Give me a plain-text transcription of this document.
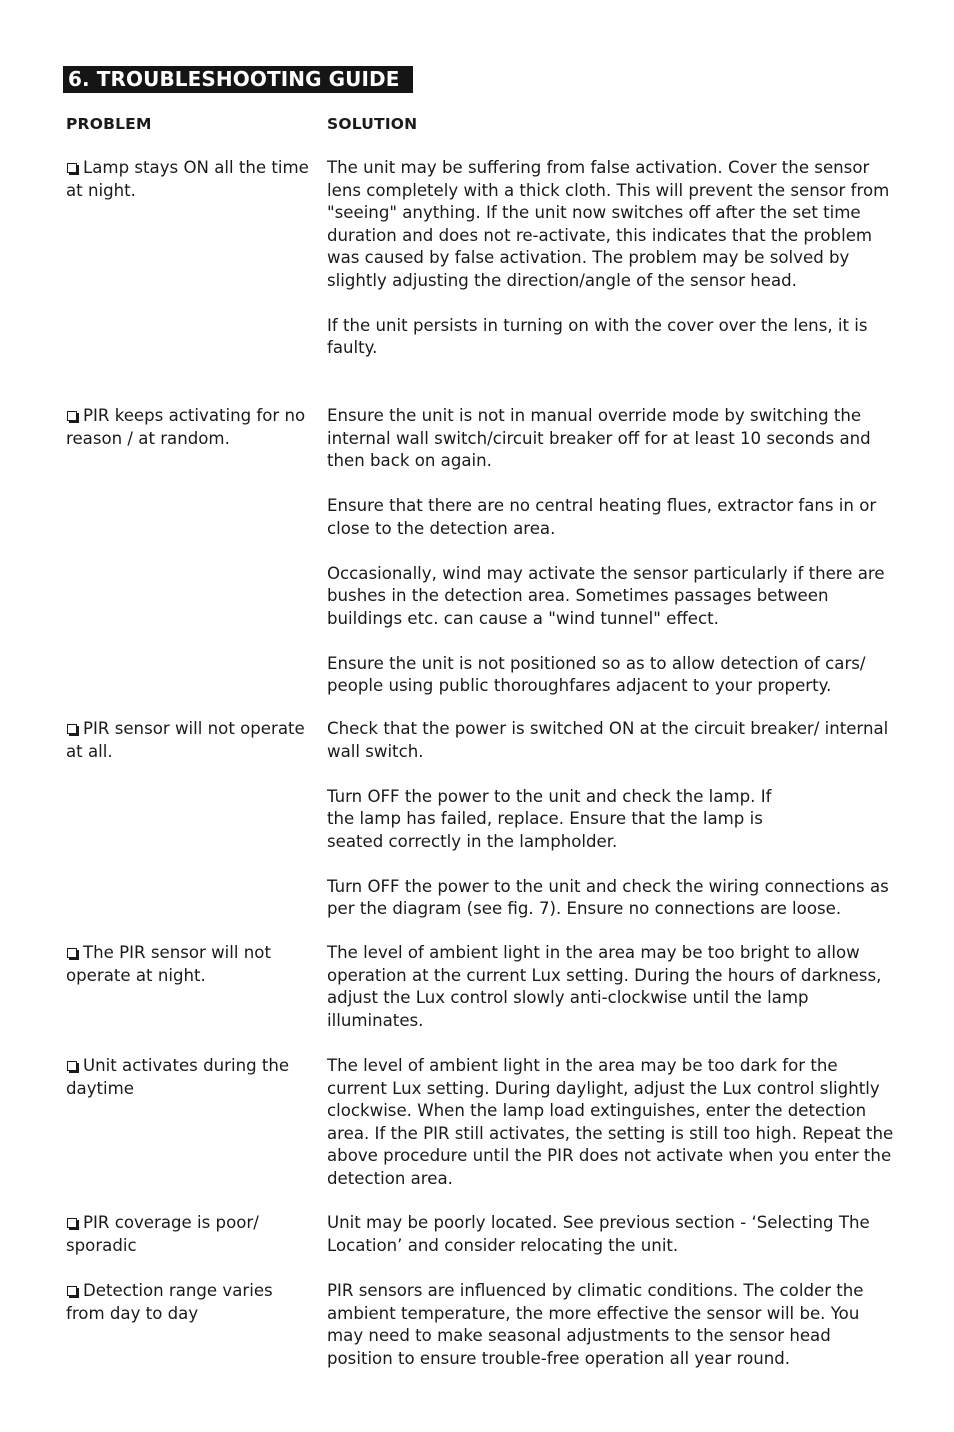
6. TROUBLESHOOTING GUIDE
PROBLEM	SOLUTION
Lamp stays ON all the time at night.

The unit may be suffering from false activation. Cover the sensor lens completely with a thick cloth. This will prevent the sensor from "seeing" anything. If the unit now switches off after the set time duration and does not re-activate, this indicates that the problem was caused by false activation. The problem may be solved by slightly adjusting the direction/angle of the sensor head.

If the unit persists in turning on with the cover over the lens, it is faulty.

PIR keeps activating for no reason / at random.

Ensure the unit is not in manual override mode by switching the internal wall switch/circuit breaker off for at least 10 seconds and then back on again.

Ensure that there are no central heating flues, extractor fans in or close to the detection area.

Occasionally, wind may activate the sensor particularly if there are bushes in the detection area. Sometimes passages between buildings etc. can cause a "wind tunnel" effect.

Ensure the unit is not positioned so as to allow detection of cars/ people using public thoroughfares adjacent to your property.

PIR sensor will not operate at all.

Check that the power is switched ON at the circuit breaker/ internal wall switch.

Turn OFF the power to the unit and check the lamp. If the lamp has failed, replace. Ensure that the lamp is seated correctly in the lampholder.

Turn OFF the power to the unit and check the wiring connections as per the diagram (see fig. 7). Ensure no connections are loose.

The PIR sensor will not operate at night.

The level of ambient light in the area may be too bright to allow operation at the current Lux setting. During the hours of darkness, adjust the Lux control slowly anti-clockwise until the lamp illuminates.

Unit activates during the daytime

The level of ambient light in the area may be too dark for the current Lux setting. During daylight, adjust the Lux control slightly clockwise. When the lamp load extinguishes, enter the detection area. If the PIR still activates, the setting is still too high. Repeat the above procedure until the PIR does not activate when you enter the detection area.

PIR coverage is poor/ sporadic

Unit may be poorly located. See previous section - ‘Selecting The Location’ and consider relocating the unit.

Detection range varies from day to day

PIR sensors are influenced by climatic conditions. The colder the ambient temperature, the more effective the sensor will be. You may need to make seasonal adjustments to the sensor head position to ensure trouble-free operation all year round.
